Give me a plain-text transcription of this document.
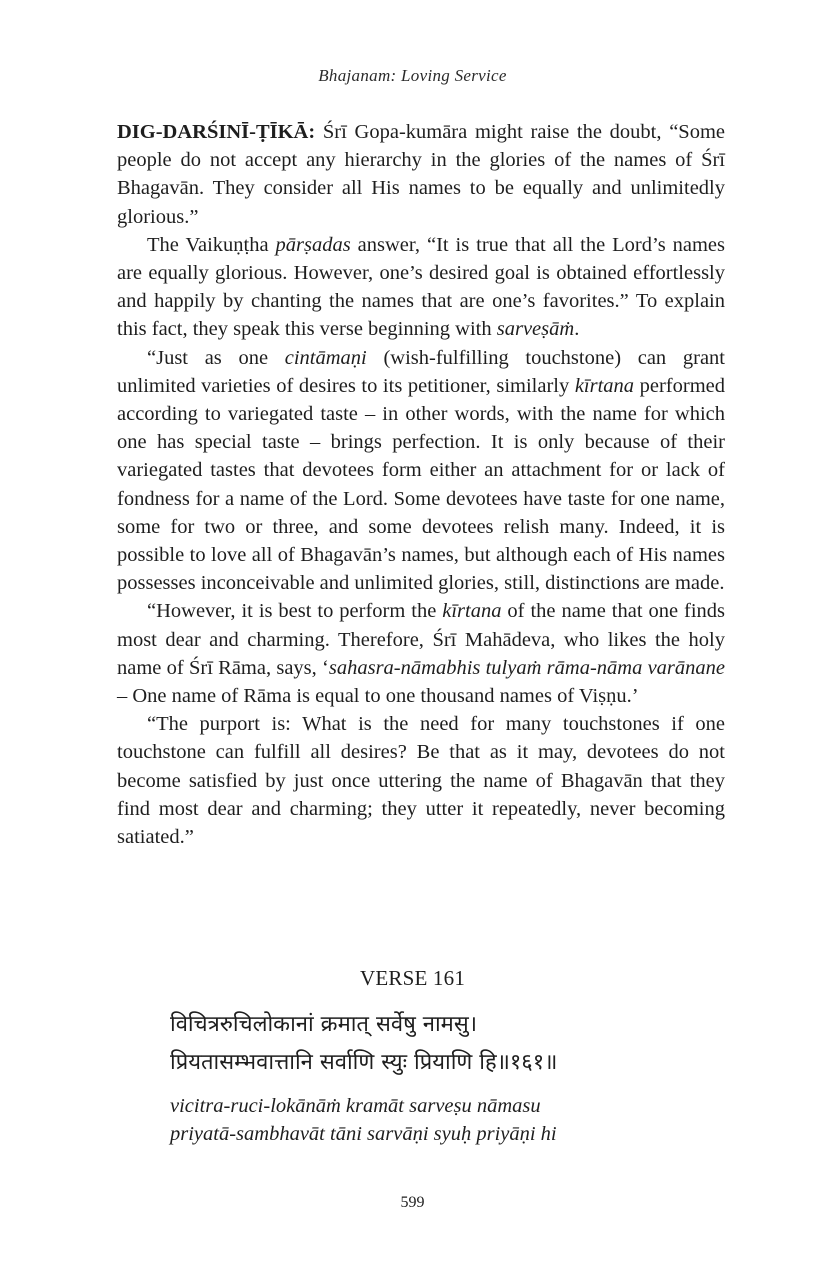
Bhajanam: Loving Service

DIG-DARŚINĪ-ṬĪKĀ: Śrī Gopa-kumāra might raise the doubt, “Some people do not accept any hierarchy in the glories of the names of Śrī Bhagavān. They consider all His names to be equally and unlimitedly glorious.”

The Vaikuṇṭha pārṣadas answer, “It is true that all the Lord’s names are equally glorious. However, one’s desired goal is obtained effortlessly and happily by chanting the names that are one’s favorites.” To explain this fact, they speak this verse beginning with sarveṣāṁ.

“Just as one cintāmaṇi (wish-fulfilling touchstone) can grant unlimited varieties of desires to its petitioner, similarly kīrtana performed according to variegated taste – in other words, with the name for which one has special taste – brings perfection. It is only because of their variegated tastes that devotees form either an attachment for or lack of fondness for a name of the Lord. Some devotees have taste for one name, some for two or three, and some devotees relish many. Indeed, it is possible to love all of Bhagavān’s names, but although each of His names possesses inconceivable and unlimited glories, still, distinctions are made.

“However, it is best to perform the kīrtana of the name that one finds most dear and charming. Therefore, Śrī Mahādeva, who likes the holy name of Śrī Rāma, says, ‘sahasra-nāmabhis tulyaṁ rāma-nāma varānane – One name of Rāma is equal to one thousand names of Viṣṇu.’

“The purport is: What is the need for many touchstones if one touchstone can fulfill all desires? Be that as it may, devotees do not become satisfied by just once uttering the name of Bhagavān that they find most dear and charming; they utter it repeatedly, never becoming satiated.”

VERSE 161
विचित्ररुचिलोकानां क्रमात् सर्वेषु नामसु।
प्रियतासम्भवात्तानि सर्वाणि स्युः प्रियाणि हि॥१६१॥
vicitra-ruci-lokānāṁ kramāt sarveṣu nāmasu
priyatā-sambhavāt tāni sarvāṇi syuḥ priyāṇi hi
599
